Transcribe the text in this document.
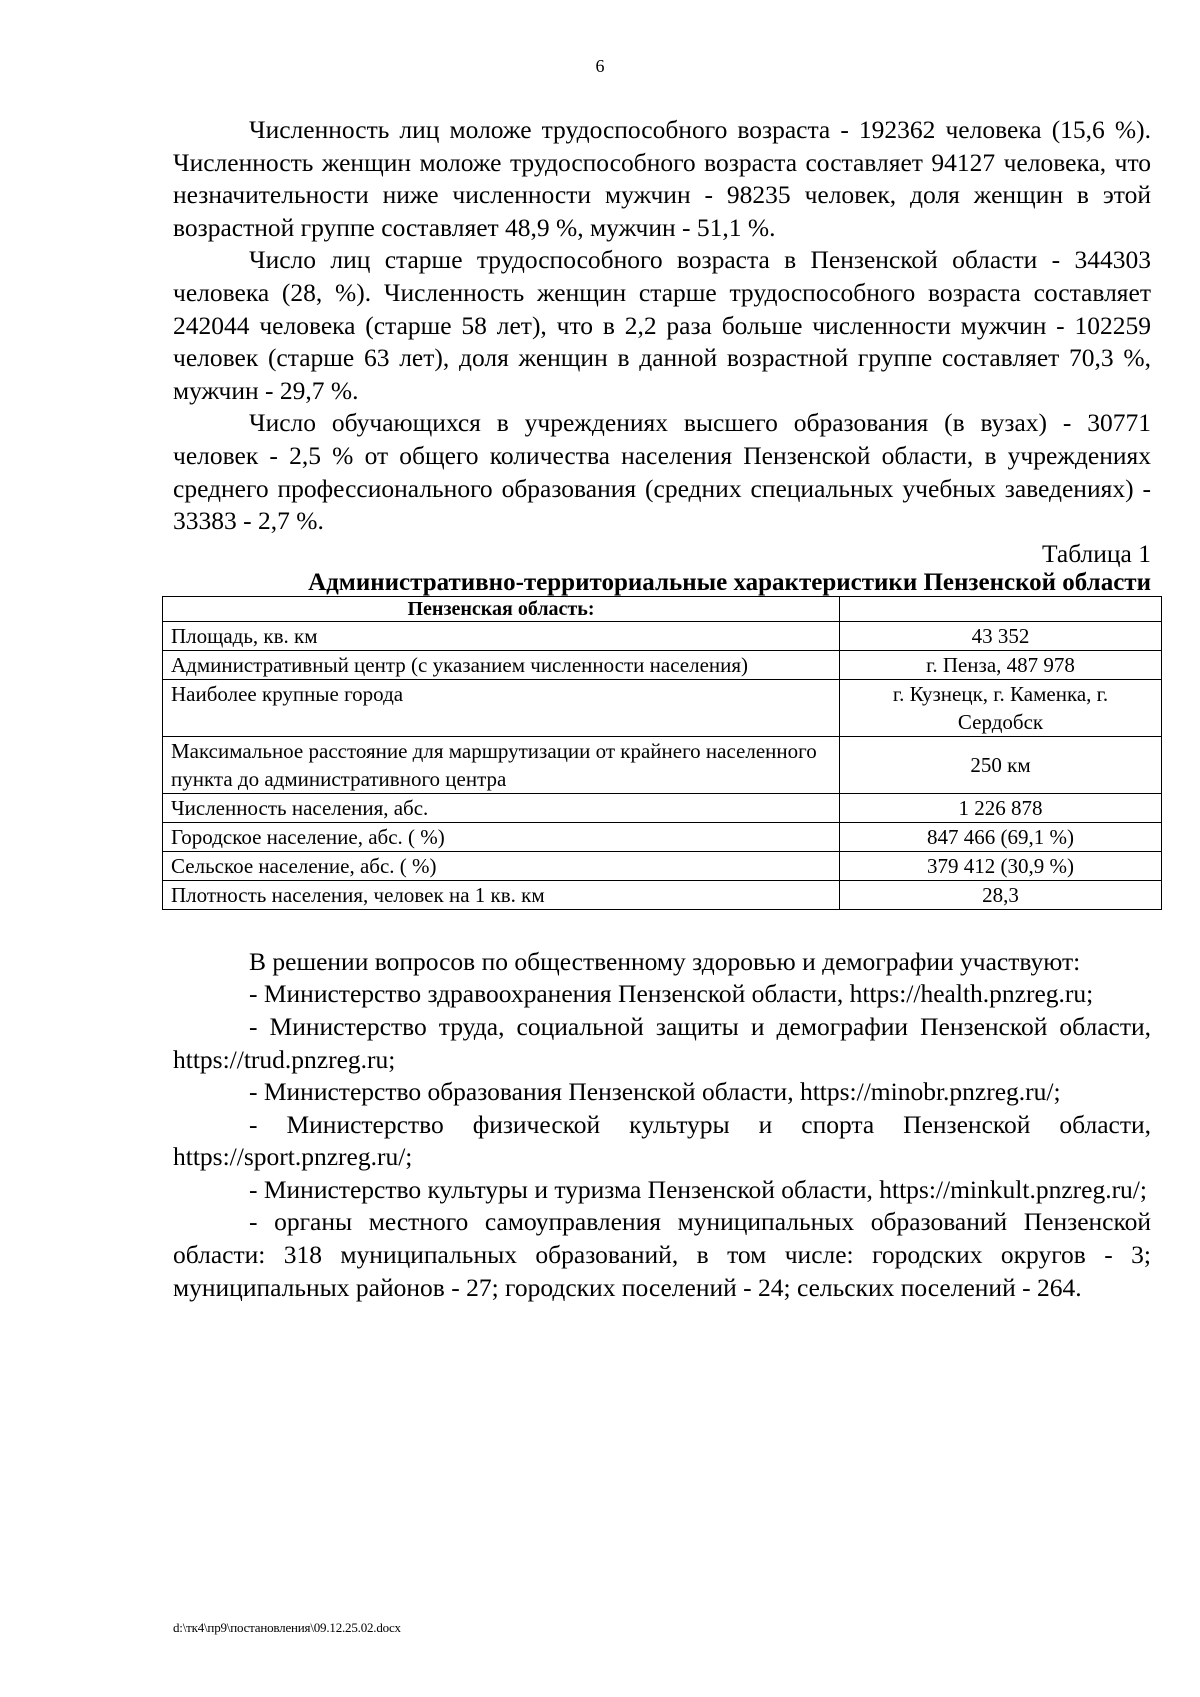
6

Численность лиц моложе трудоспособного возраста - 192362 человека (15,6 %). Численность женщин моложе трудоспособного возраста составляет 94127 человека, что незначительности ниже численности мужчин - 98235 человек, доля женщин в этой возрастной группе составляет 48,9 %, мужчин - 51,1 %.

Число лиц старше трудоспособного возраста в Пензенской области - 344303 человека (28, %). Численность женщин старше трудоспособного возраста составляет 242044 человека (старше 58 лет), что в 2,2 раза больше численности мужчин - 102259 человек (старше 63 лет), доля женщин в данной возрастной группе составляет 70,3 %, мужчин - 29,7 %.

Число обучающихся в учреждениях высшего образования (в вузах) - 30771 человек - 2,5 % от общего количества населения Пензенской области, в учреждениях среднего профессионального образования (средних специальных учебных заведениях) - 33383 - 2,7 %.

Таблица 1

Административно-территориальные характеристики Пензенской области

Пензенская область:	
Площадь, кв. км	43 352
Административный центр (с указанием численности населения)	г. Пенза, 487 978
Наиболее крупные города	г. Кузнецк, г. Каменка, г. Сердобск
Максимальное расстояние для маршрутизации от крайнего населенного пункта до административного центра	250 км
Численность населения, абс.	1 226 878
Городское население, абс. ( %)	847 466 (69,1 %)
Сельское население, абс. ( %)	379 412 (30,9 %)
Плотность населения, человек на 1 кв. км	28,3

В решении вопросов по общественному здоровью и демографии участвуют:

- Министерство здравоохранения Пензенской области, https://health.pnzreg.ru;

- Министерство труда, социальной защиты и демографии Пензенской области, https://trud.pnzreg.ru;

- Министерство образования Пензенской области, https://minobr.pnzreg.ru/;

- Министерство физической культуры и спорта Пензенской области, https://sport.pnzreg.ru/;

- Министерство культуры и туризма Пензенской области, https://minkult.pnzreg.ru/;

- органы местного самоуправления муниципальных образований Пензенской области: 318 муниципальных образований, в том числе: городских округов - 3; муниципальных районов - 27; городских поселений - 24; сельских поселений - 264.

d:\тк4\пр9\постановления\09.12.25.02.docx
